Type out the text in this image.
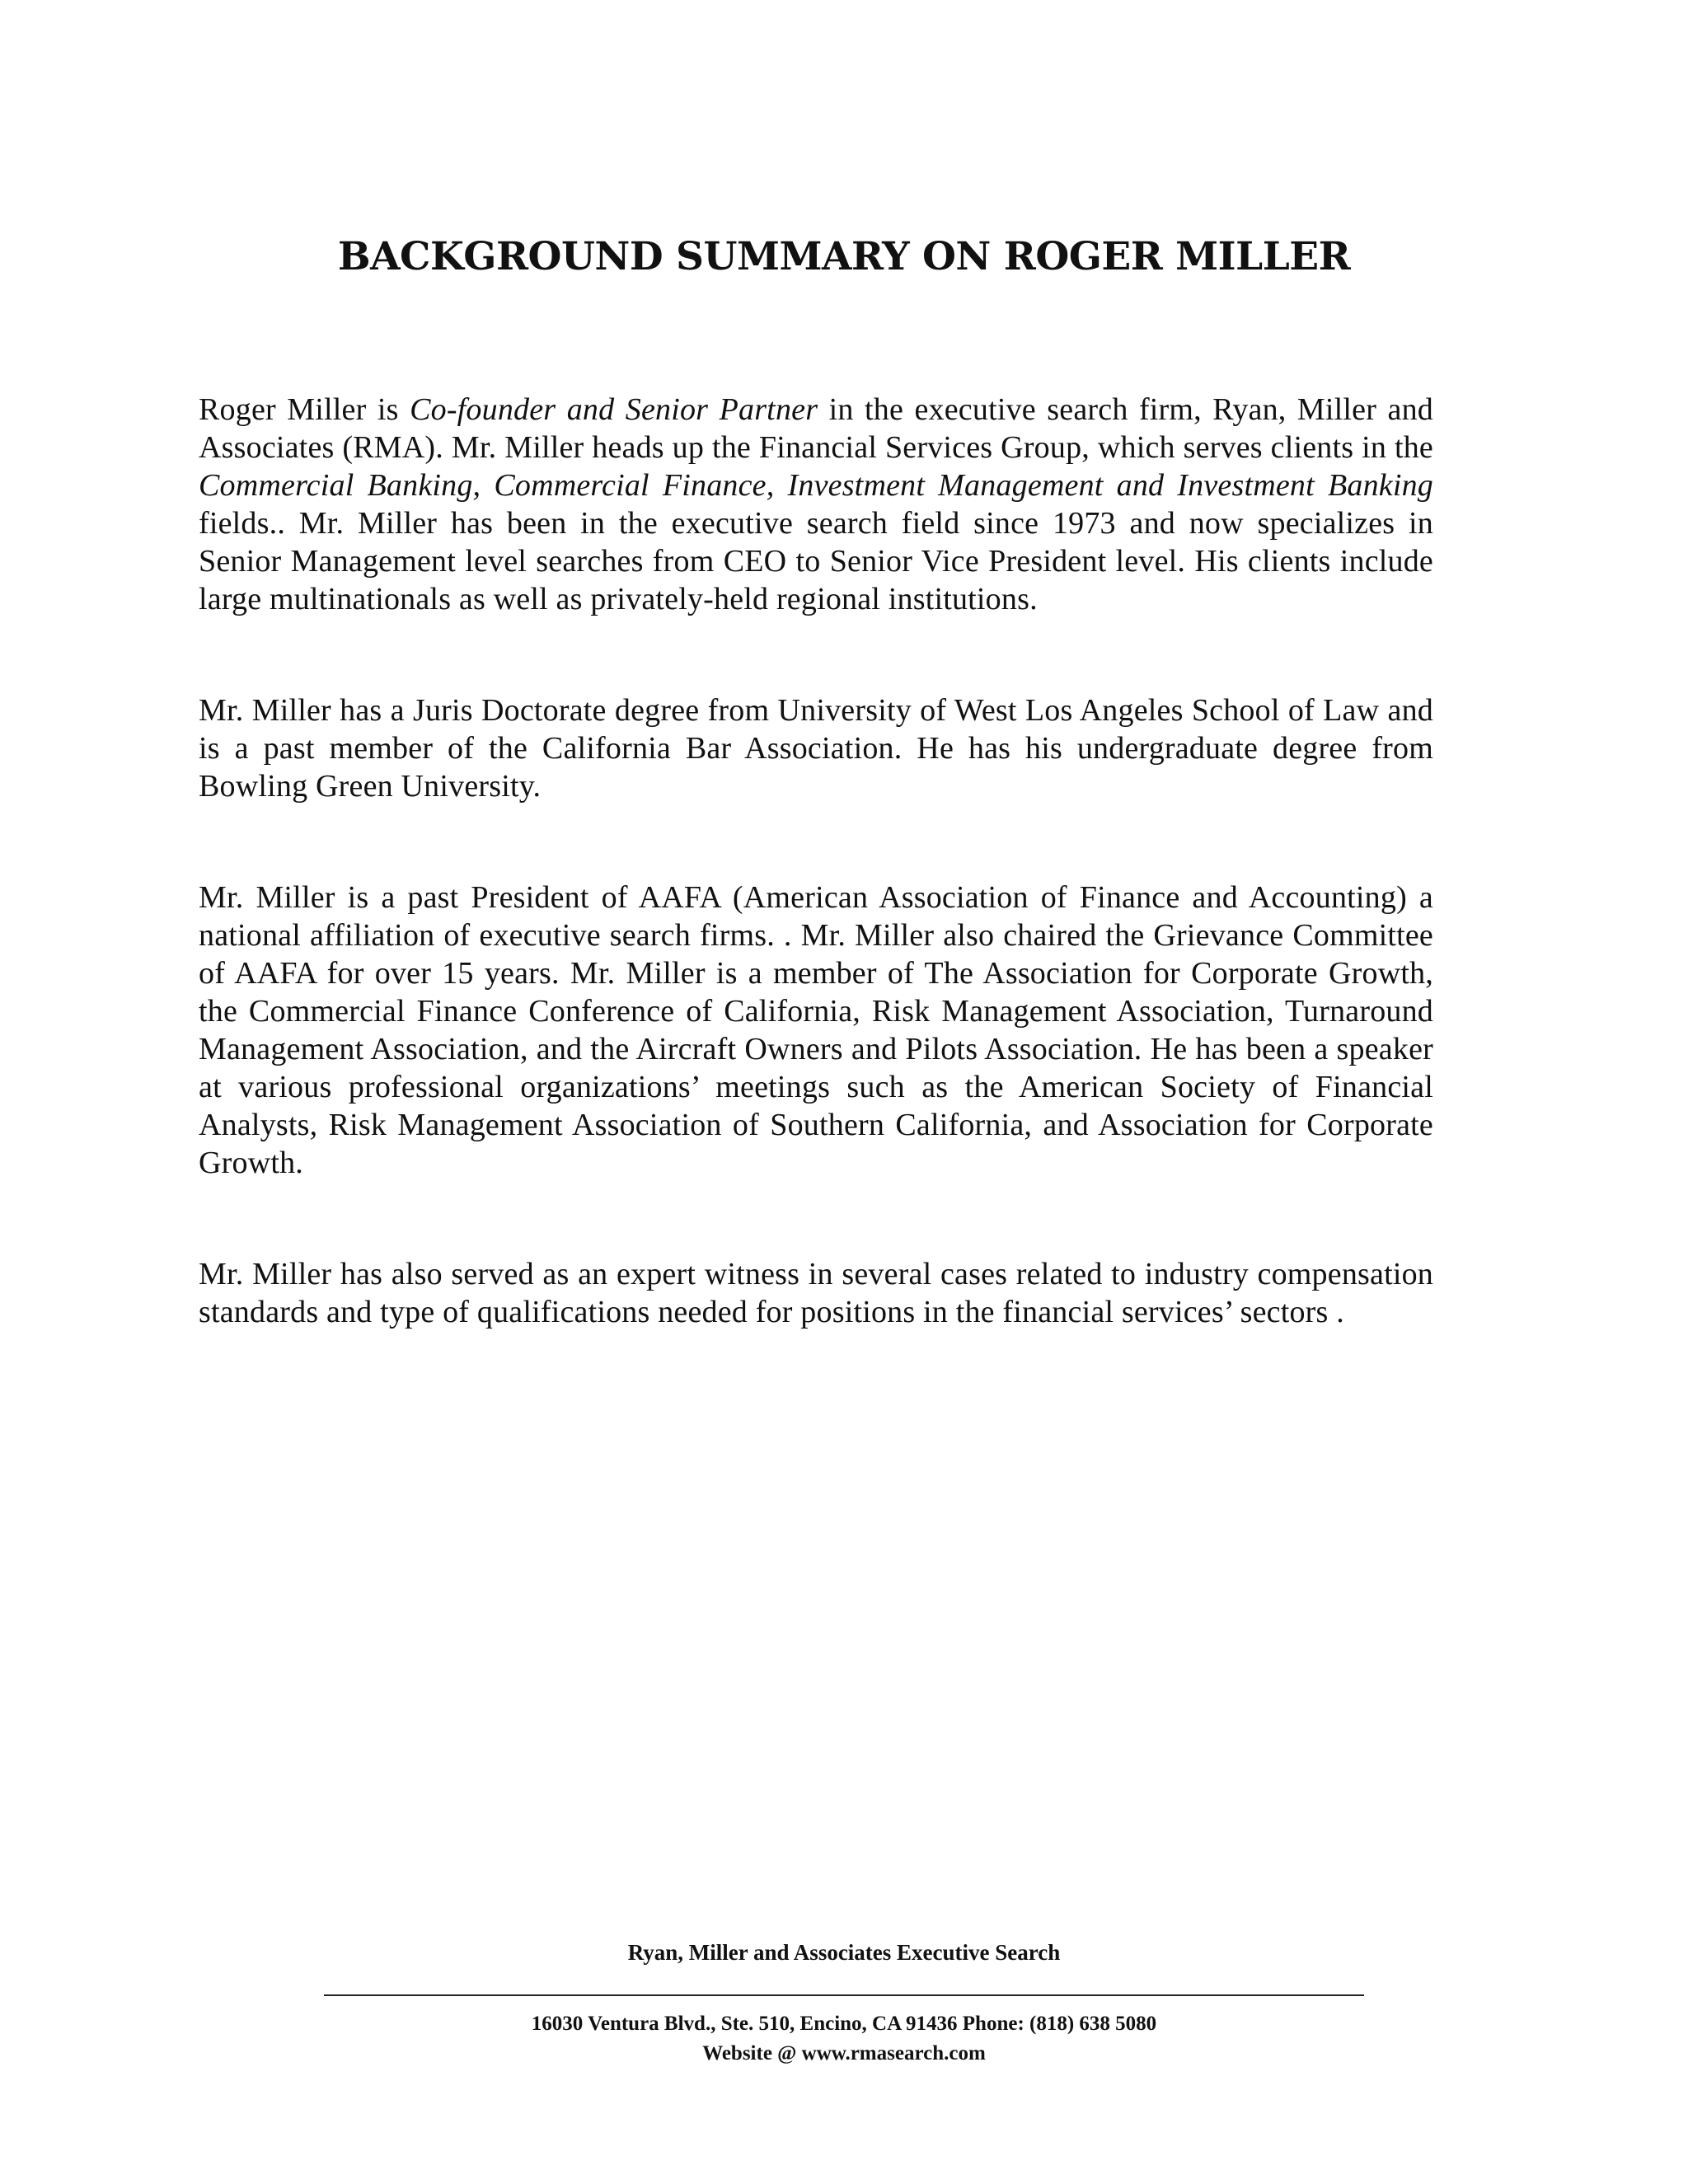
BACKGROUND SUMMARY ON ROGER MILLER

Roger Miller is Co-founder and Senior Partner in the executive search firm, Ryan, Miller and Associates (RMA). Mr. Miller heads up the Financial Services Group, which serves clients in the Commercial Banking, Commercial Finance, Investment Management and Investment Banking fields.. Mr. Miller has been in the executive search field since 1973 and now specializes in Senior Management level searches from CEO to Senior Vice President level. His clients include large multinationals as well as privately-held regional institutions.

Mr. Miller has a Juris Doctorate degree from University of West Los Angeles School of Law and is a past member of the California Bar Association. He has his undergraduate degree from Bowling Green University.

Mr. Miller is a past President of AAFA (American Association of Finance and Accounting) a national affiliation of executive search firms. . Mr. Miller also chaired the Grievance Committee of AAFA for over 15 years. Mr. Miller is a member of The Association for Corporate Growth, the Commercial Finance Conference of California, Risk Management Association, Turnaround Management Association, and the Aircraft Owners and Pilots Association. He has been a speaker at various professional organizations’ meetings such as the American Society of Financial Analysts, Risk Management Association of Southern California, and Association for Corporate Growth.

Mr. Miller has also served as an expert witness in several cases related to industry compensation standards and type of qualifications needed for positions in the financial services’ sectors .

Ryan, Miller and Associates Executive Search

16030 Ventura Blvd., Ste. 510, Encino, CA 91436 Phone: (818) 638 5080

Website @ www.rmasearch.com
